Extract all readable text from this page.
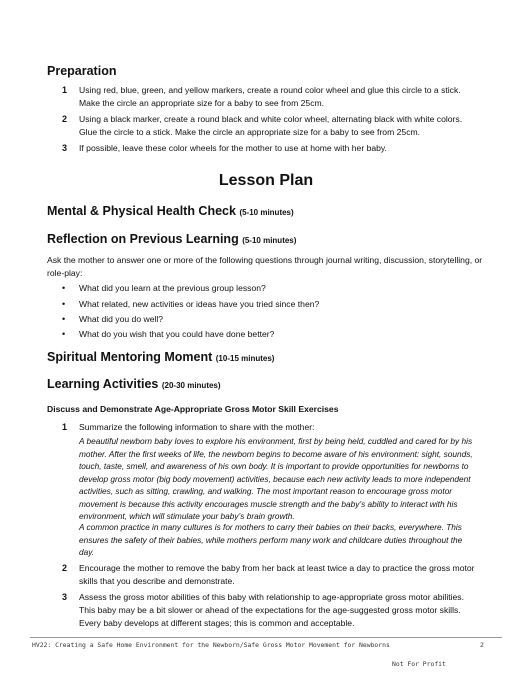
Preparation
1 Using red, blue, green, and yellow markers, create a round color wheel and glue this circle to a stick. Make the circle an appropriate size for a baby to see from 25cm.
2 Using a black marker, create a round black and white color wheel, alternating black with white colors. Glue the circle to a stick. Make the circle an appropriate size for a baby to see from 25cm.
3 If possible, leave these color wheels for the mother to use at home with her baby.
Lesson Plan
Mental & Physical Health Check (5-10 minutes)
Reflection on Previous Learning (5-10 minutes)
Ask the mother to answer one or more of the following questions through journal writing, discussion, storytelling, or role-play:
• What did you learn at the previous group lesson?
• What related, new activities or ideas have you tried since then?
• What did you do well?
• What do you wish that you could have done better?
Spiritual Mentoring Moment (10-15 minutes)
Learning Activities (20-30 minutes)
Discuss and Demonstrate Age-Appropriate Gross Motor Skill Exercises
1 Summarize the following information to share with the mother:
A beautiful newborn baby loves to explore his environment, first by being held, cuddled and cared for by his mother. After the first weeks of life, the newborn begins to become aware of his environment: sight, sounds, touch, taste, smell, and awareness of his own body. It is important to provide opportunities for newborns to develop gross motor (big body movement) activities, because each new activity leads to more independent activities, such as sitting, crawling, and walking. The most important reason to encourage gross motor movement is because this activity encourages muscle strength and the baby’s ability to interact with his environment, which will stimulate your baby’s brain growth.
A common practice in many cultures is for mothers to carry their babies on their backs, everywhere. This ensures the safety of their babies, while mothers perform many work and childcare duties throughout the day.
2 Encourage the mother to remove the baby from her back at least twice a day to practice the gross motor skills that you describe and demonstrate.
3 Assess the gross motor abilities of this baby with relationship to age-appropriate gross motor abilities. This baby may be a bit slower or ahead of the expectations for the age-suggested gross motor skills. Every baby develops at different stages; this is common and acceptable.
HV22: Creating a Safe Home Environment for the Newborn/Safe Gross Motor Movement for Newborns	2
Not For Profit
